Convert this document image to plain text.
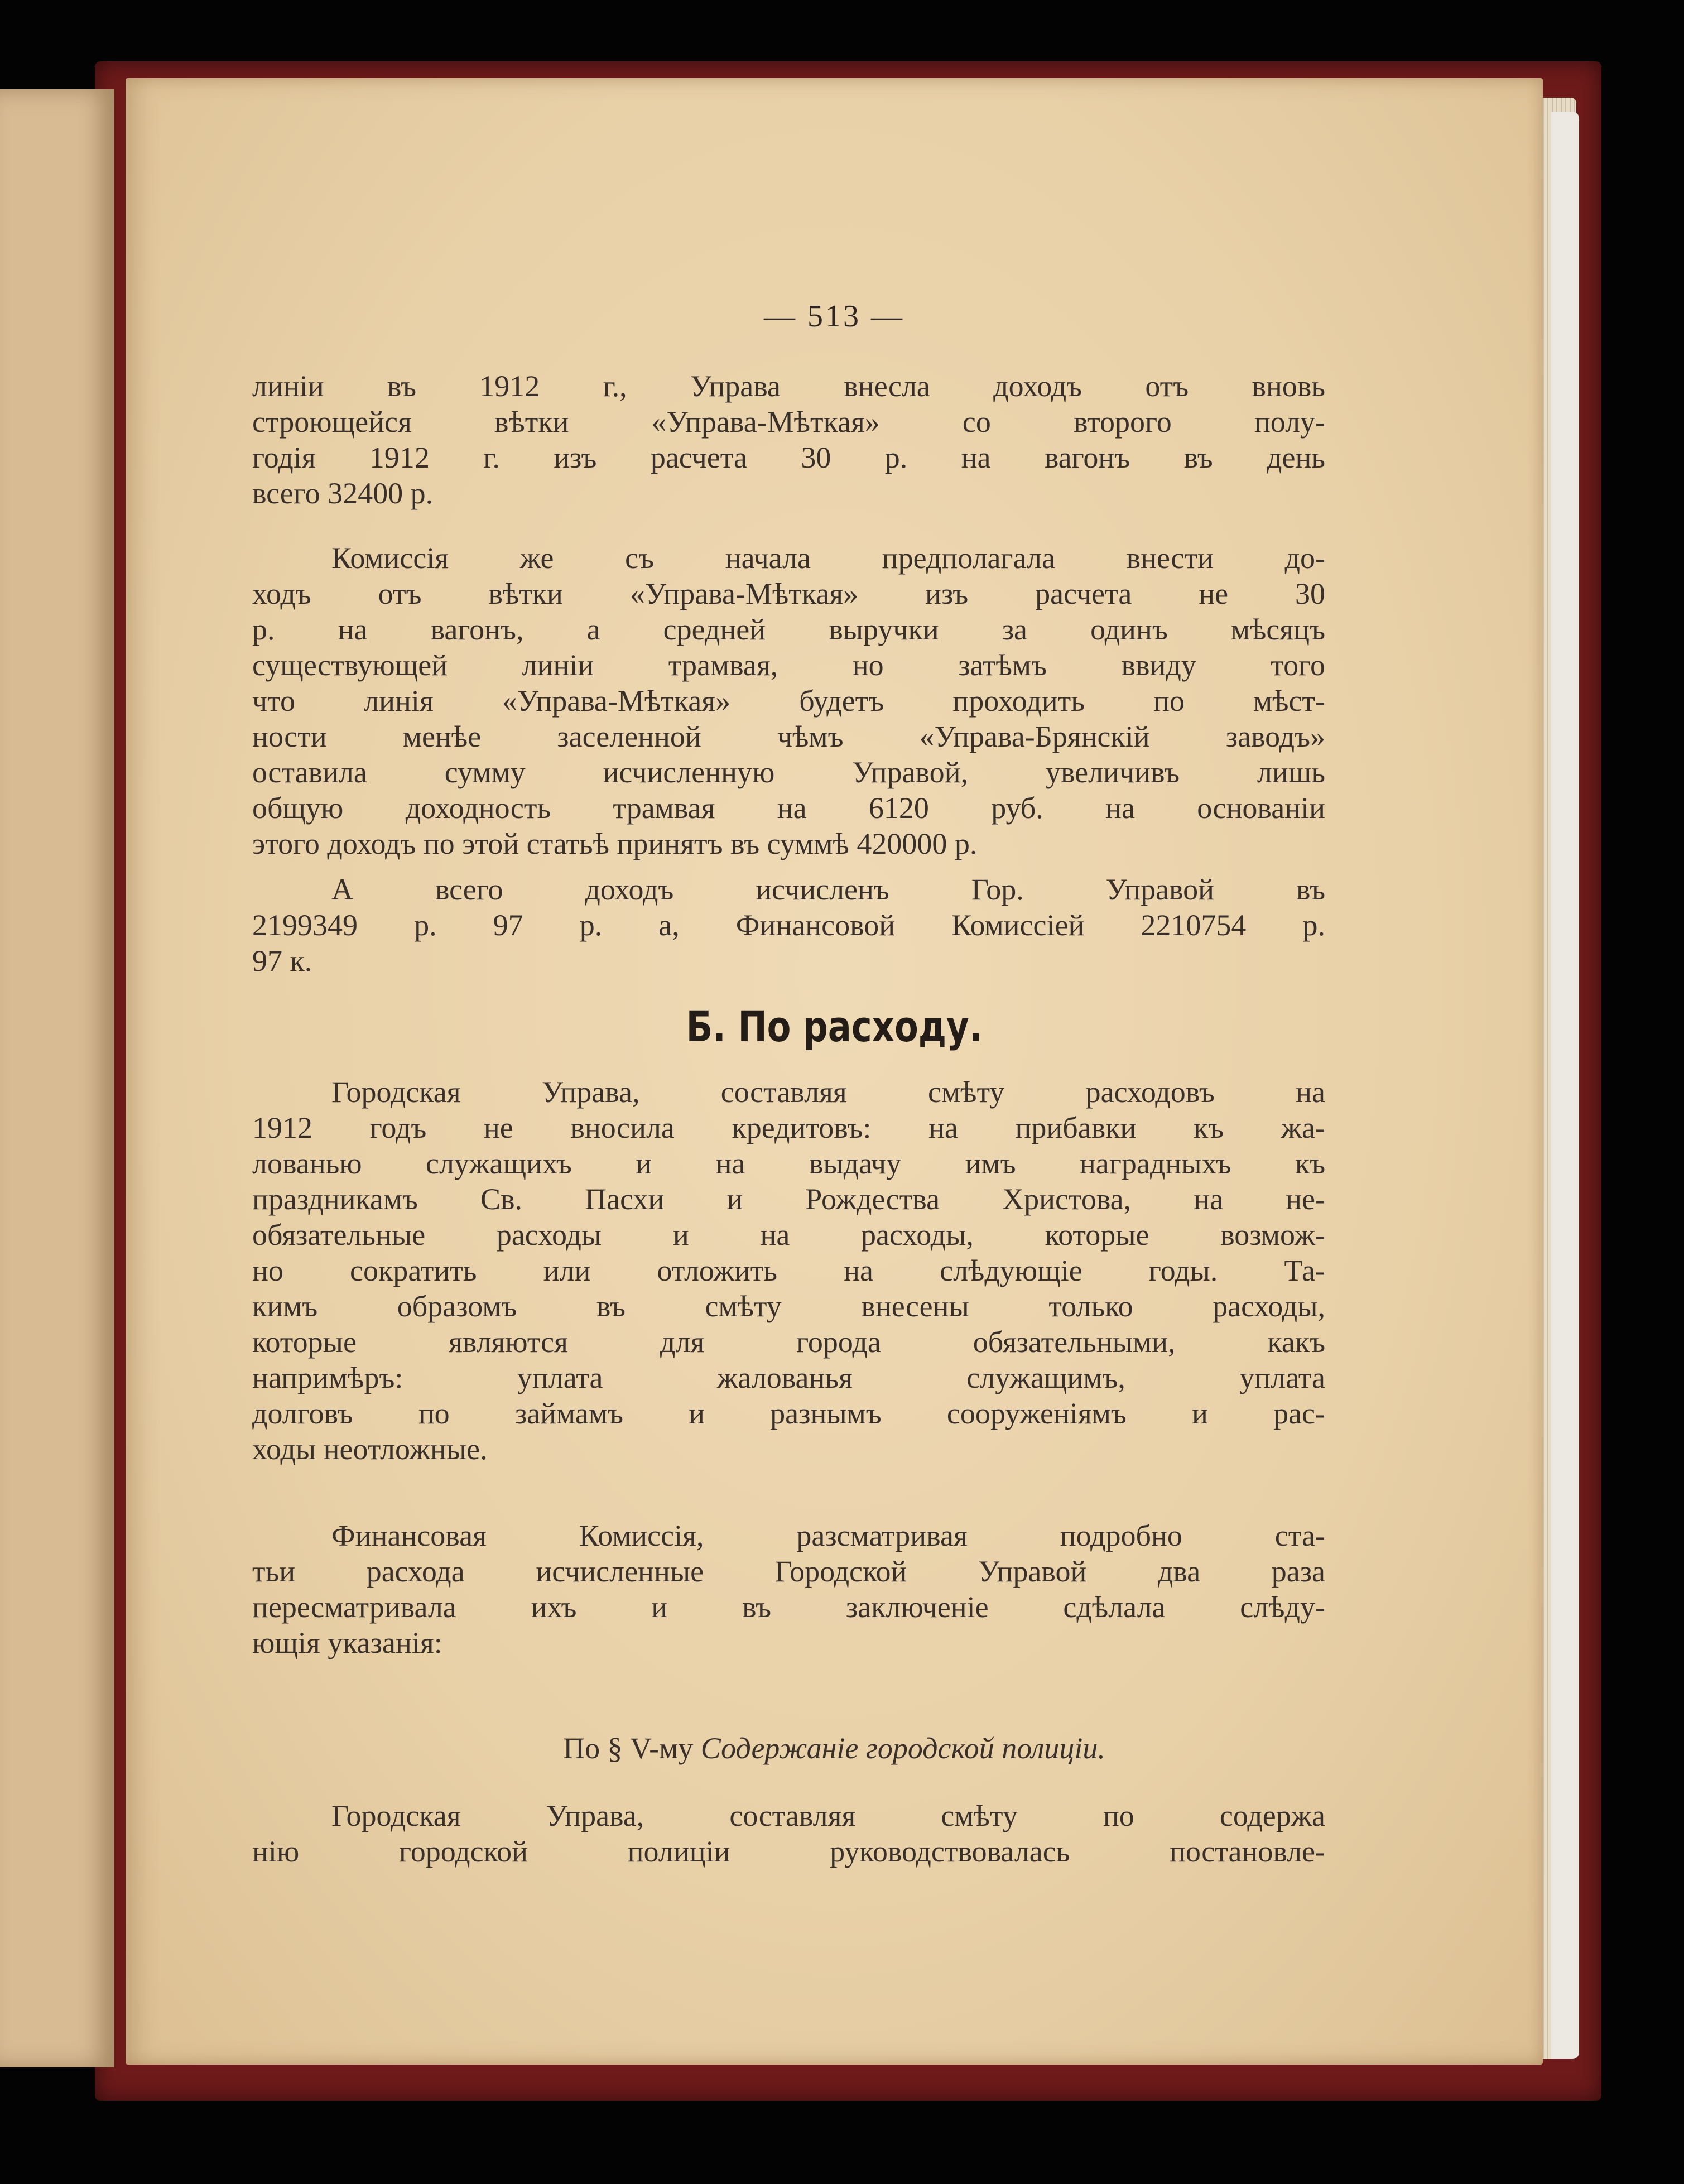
— 513 —
линіи въ 1912 г., Управа внесла доходъ отъ вновь
строющейся вѣтки «Управа-Мѣткая» со второго полу-
годія 1912 г. изъ расчета 30 р. на вагонъ въ день
всего 32400 р.
Комиссія же съ начала предполагала внести до-
ходъ отъ вѣтки «Управа-Мѣткая» изъ расчета не 30
р. на вагонъ, а средней выручки за одинъ мѣсяцъ
существующей линіи трамвая, но затѣмъ ввиду того
что линія «Управа-Мѣткая» будетъ проходить по мѣст-
ности менѣе заселенной чѣмъ «Управа-Брянскій заводъ»
оставила сумму исчисленную Управой, увеличивъ лишь
общую доходность трамвая на 6120 руб. на основаніи
этого доходъ по этой статьѣ принятъ въ суммѣ 420000 р.
А всего доходъ исчисленъ Гор. Управой въ
2199349 р. 97 р. а, Финансовой Комиссіей 2210754 р.
97 к.
Б. По расходу.
Городская Управа, составляя смѣту расходовъ на
1912 годъ не вносила кредитовъ: на прибавки къ жа-
лованью служащихъ и на выдачу имъ наградныхъ къ
праздникамъ Св. Пасхи и Рождества Христова, на не-
обязательные расходы и на расходы, которые возмож-
но сократить или отложить на слѣдующіе годы. Та-
кимъ образомъ въ смѣту внесены только расходы,
которые являются для города обязательными, какъ
напримѣръ: уплата жалованья служащимъ, уплата
долговъ по займамъ и разнымъ сооруженіямъ и рас-
ходы неотложные.
Финансовая Комиссія, разсматривая подробно ста-
тьи расхода исчисленные Городской Управой два раза
пересматривала ихъ и въ заключеніе сдѣлала слѣду-
ющія указанія:
По § V-му Содержаніе городской полиціи.
Городская Управа, составляя смѣту по содержа
нію городской полиціи руководствовалась постановле-
